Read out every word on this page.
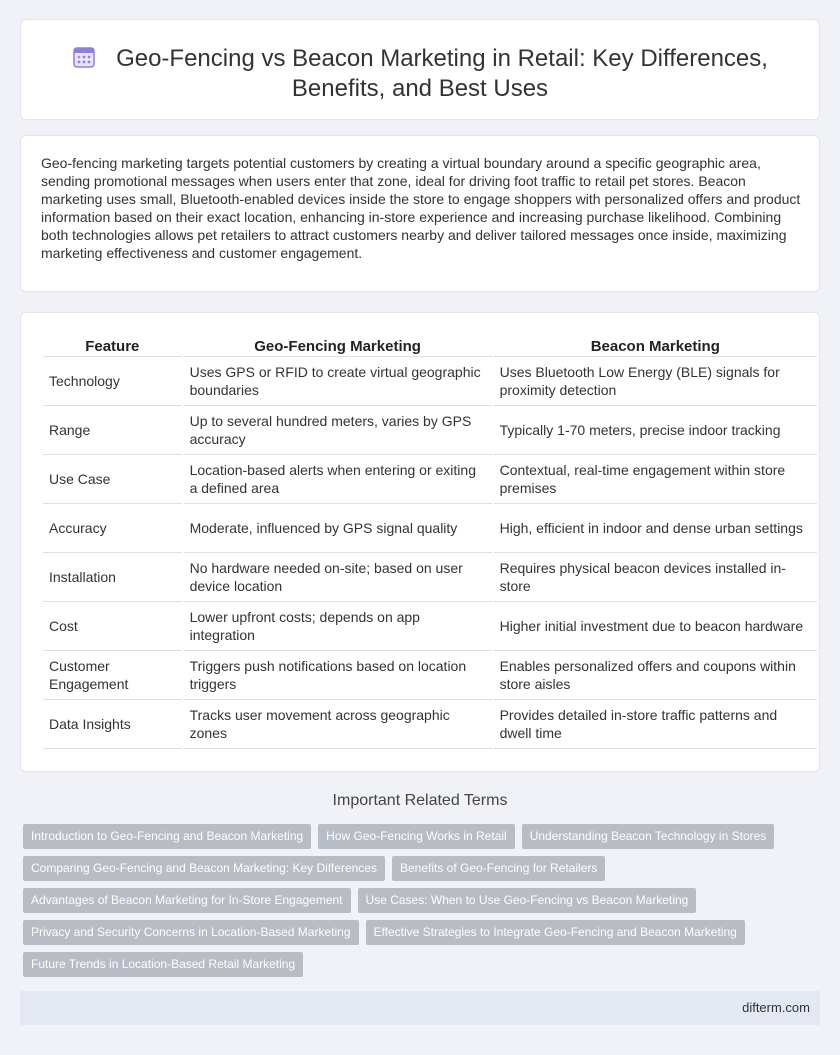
Geo-Fencing vs Beacon Marketing in Retail: Key Differences,
Benefits, and Best Uses

Geo-fencing marketing targets potential customers by creating a virtual boundary around a specific geographic area, sending promotional messages when users enter that zone, ideal for driving foot traffic to retail pet stores. Beacon marketing uses small, Bluetooth-enabled devices inside the store to engage shoppers with personalized offers and product information based on their exact location, enhancing in-store experience and increasing purchase likelihood. Combining both technologies allows pet retailers to attract customers nearby and deliver tailored messages once inside, maximizing marketing effectiveness and customer engagement.

Feature	Geo-Fencing Marketing	Beacon Marketing
Technology	Uses GPS or RFID to create virtual geographic boundaries	Uses Bluetooth Low Energy (BLE) signals for proximity detection
Range	Up to several hundred meters, varies by GPS accuracy	Typically 1-70 meters, precise indoor tracking
Use Case	Location-based alerts when entering or exiting a defined area	Contextual, real-time engagement within store premises
Accuracy	Moderate, influenced by GPS signal quality	High, efficient in indoor and dense urban settings
Installation	No hardware needed on-site; based on user device location	Requires physical beacon devices installed in-store
Cost	Lower upfront costs; depends on app integration	Higher initial investment due to beacon hardware
Customer Engagement	Triggers push notifications based on location triggers	Enables personalized offers and coupons within store aisles
Data Insights	Tracks user movement across geographic zones	Provides detailed in-store traffic patterns and dwell time
Important Related Terms
Introduction to Geo-Fencing and Beacon Marketing	How Geo-Fencing Works in Retail	Understanding Beacon Technology in Stores
Comparing Geo-Fencing and Beacon Marketing: Key Differences	Benefits of Geo-Fencing for Retailers
Advantages of Beacon Marketing for In-Store Engagement	Use Cases: When to Use Geo-Fencing vs Beacon Marketing
Privacy and Security Concerns in Location-Based Marketing	Effective Strategies to Integrate Geo-Fencing and Beacon Marketing
Future Trends in Location-Based Retail Marketing
difterm.com
